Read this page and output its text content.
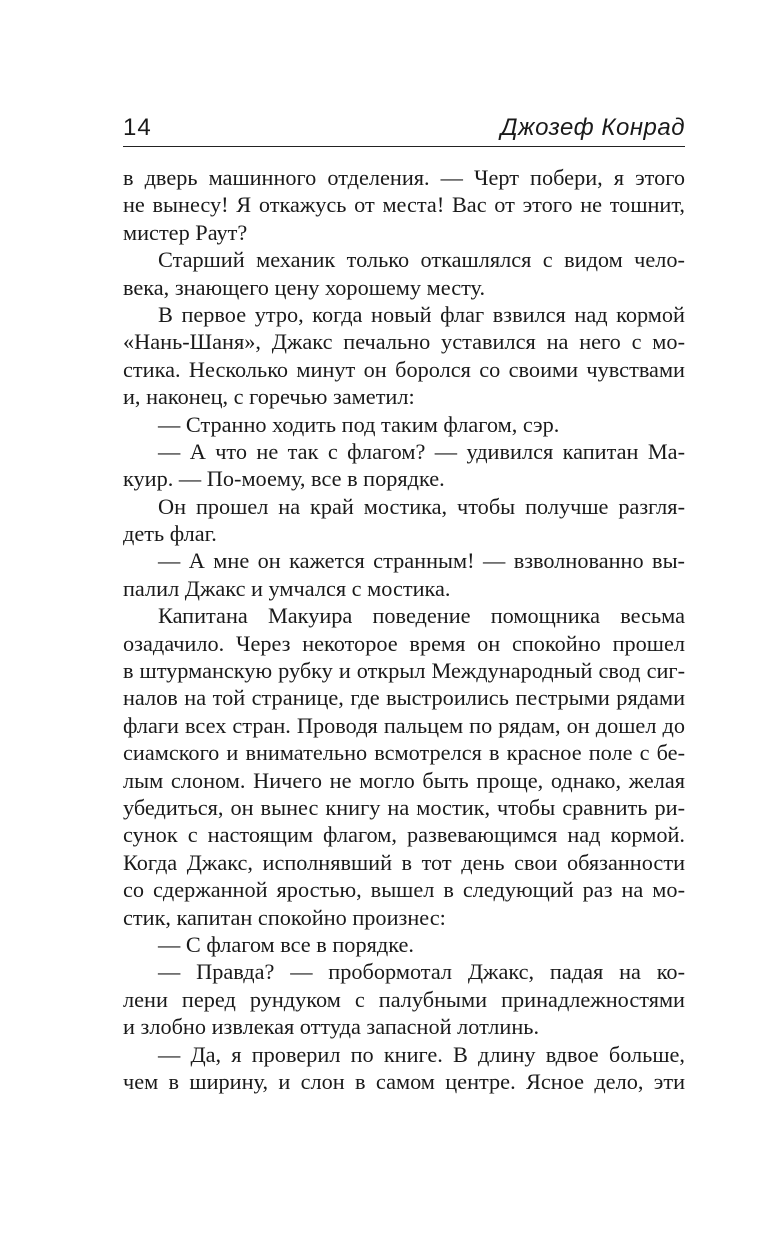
14	Джозеф Конрад
в дверь машинного отделения. — Черт побери, я этого
не вынесу! Я откажусь от места! Вас от этого не тошнит,
мистер Раут?
Старший механик только откашлялся с видом чело-
века, знающего цену хорошему месту.
В первое утро, когда новый флаг взвился над кормой
«Нань-Шаня», Джакс печально уставился на него с мо-
стика. Несколько минут он боролся со своими чувствами
и, наконец, с горечью заметил:
— Странно ходить под таким флагом, сэр.
— А что не так с флагом? — удивился капитан Ма-
куир. — По-моему, все в порядке.
Он прошел на край мостика, чтобы получше разгля-
деть флаг.
— А мне он кажется странным! — взволнованно вы-
палил Джакс и умчался с мостика.
Капитана Макуира поведение помощника весьма
озадачило. Через некоторое время он спокойно прошел
в штурманскую рубку и открыл Международный свод сиг-
налов на той странице, где выстроились пестрыми рядами
флаги всех стран. Проводя пальцем по рядам, он дошел до
сиамского и внимательно всмотрелся в красное поле с бе-
лым слоном. Ничего не могло быть проще, однако, желая
убедиться, он вынес книгу на мостик, чтобы сравнить ри-
сунок с настоящим флагом, развевающимся над кормой.
Когда Джакс, исполнявший в тот день свои обязанности
со сдержанной яростью, вышел в следующий раз на мо-
стик, капитан спокойно произнес:
— С флагом все в порядке.
— Правда? — пробормотал Джакс, падая на ко-
лени перед рундуком с палубными принадлежностями
и злобно извлекая оттуда запасной лотлинь.
— Да, я проверил по книге. В длину вдвое больше,
чем в ширину, и слон в самом центре. Ясное дело, эти
